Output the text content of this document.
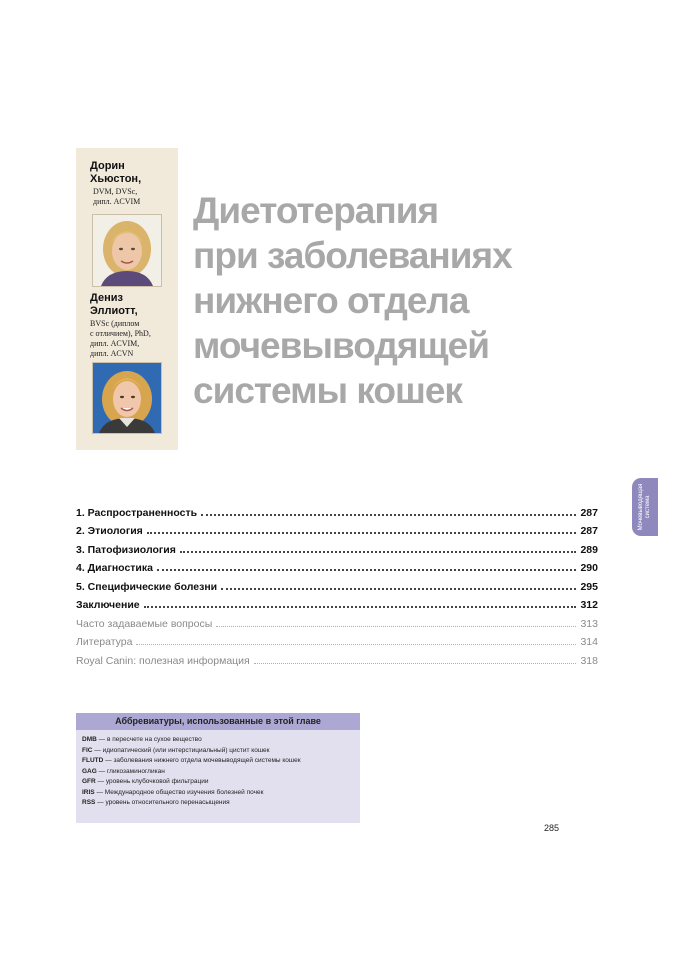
Дорин
Хьюстон,
DVM, DVSc,
дипл. ACVIM
Дениз
Эллиотт,
BVSc (диплом
с отличием), PhD,
дипл. ACVIM,
дипл. ACVN
Диетотерапия
при заболеваниях
нижнего отдела
мочевыводящей
системы кошек
Мочевыводящая
система
1. Распространенность	287
2. Этиология	287
3. Патофизиология	289
4. Диагностика	290
5. Специфические болезни	295
Заключение	312
Часто задаваемые вопросы	313
Литература	314
Royal Canin: полезная информация	318
Аббревиатуры, использованные в этой главе
DMB — в пересчете на сухое вещество
FIC — идиопатический (или интерстициальный) цистит кошек
FLUTD — заболевания нижнего отдела мочевыводящей системы кошек
GAG — гликозаминогликан
GFR — уровень клубочковой фильтрации
IRIS — Международное общество изучения болезней почек
RSS — уровень относительного перенасыщения
285
